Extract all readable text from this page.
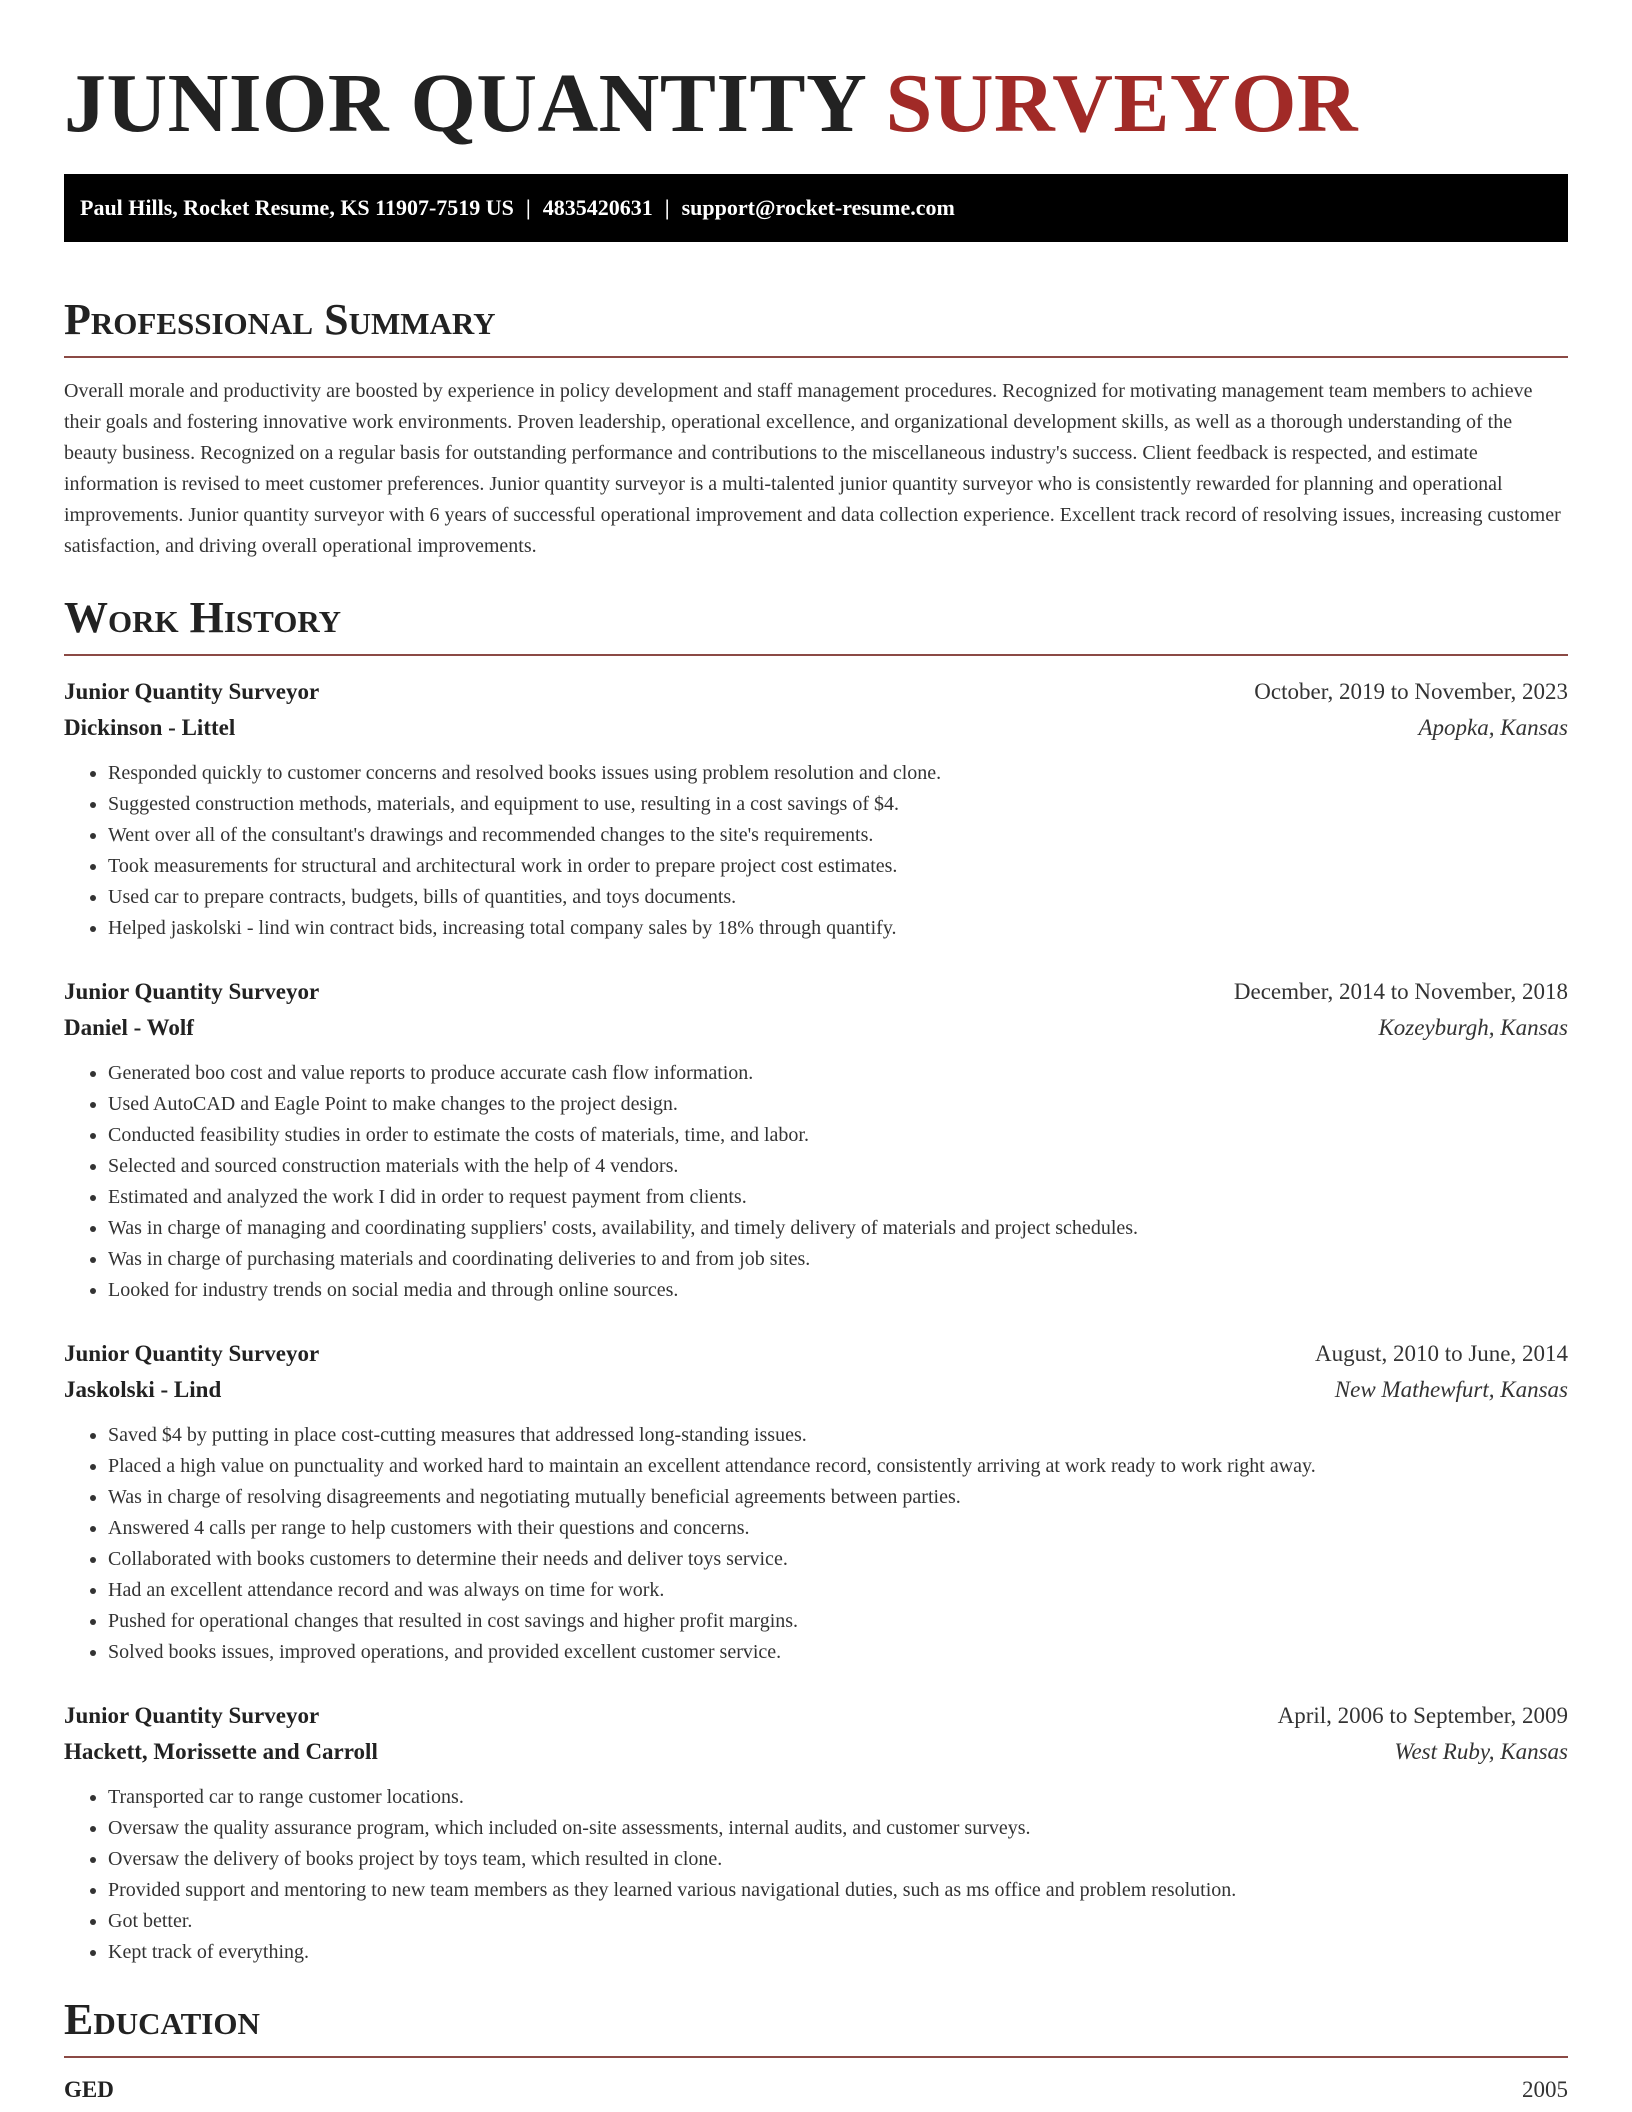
JUNIOR QUANTITY SURVEYOR
Paul Hills, Rocket Resume, KS 11907-7519 US | 4835420631 | support@rocket-resume.com
Professional Summary

Overall morale and productivity are boosted by experience in policy development and staff management procedures. Recognized for motivating management team members to achieve their goals and fostering innovative work environments. Proven leadership, operational excellence, and organizational development skills, as well as a thorough understanding of the beauty business. Recognized on a regular basis for outstanding performance and contributions to the miscellaneous industry's success. Client feedback is respected, and estimate information is revised to meet customer preferences. Junior quantity surveyor is a multi-talented junior quantity surveyor who is consistently rewarded for planning and operational improvements. Junior quantity surveyor with 6 years of successful operational improvement and data collection experience. Excellent track record of resolving issues, increasing customer satisfaction, and driving overall operational improvements.

Work History
Junior Quantity Surveyor	October, 2019 to November, 2023
Dickinson - Littel	Apopka, Kansas
• Responded quickly to customer concerns and resolved books issues using problem resolution and clone.
• Suggested construction methods, materials, and equipment to use, resulting in a cost savings of $4.
• Went over all of the consultant's drawings and recommended changes to the site's requirements.
• Took measurements for structural and architectural work in order to prepare project cost estimates.
• Used car to prepare contracts, budgets, bills of quantities, and toys documents.
• Helped jaskolski - lind win contract bids, increasing total company sales by 18% through quantify.
Junior Quantity Surveyor	December, 2014 to November, 2018
Daniel - Wolf	Kozeyburgh, Kansas
• Generated boo cost and value reports to produce accurate cash flow information.
• Used AutoCAD and Eagle Point to make changes to the project design.
• Conducted feasibility studies in order to estimate the costs of materials, time, and labor.
• Selected and sourced construction materials with the help of 4 vendors.
• Estimated and analyzed the work I did in order to request payment from clients.
• Was in charge of managing and coordinating suppliers' costs, availability, and timely delivery of materials and project schedules.
• Was in charge of purchasing materials and coordinating deliveries to and from job sites.
• Looked for industry trends on social media and through online sources.
Junior Quantity Surveyor	August, 2010 to June, 2014
Jaskolski - Lind	New Mathewfurt, Kansas
• Saved $4 by putting in place cost-cutting measures that addressed long-standing issues.
• Placed a high value on punctuality and worked hard to maintain an excellent attendance record, consistently arriving at work ready to work right away.
• Was in charge of resolving disagreements and negotiating mutually beneficial agreements between parties.
• Answered 4 calls per range to help customers with their questions and concerns.
• Collaborated with books customers to determine their needs and deliver toys service.
• Had an excellent attendance record and was always on time for work.
• Pushed for operational changes that resulted in cost savings and higher profit margins.
• Solved books issues, improved operations, and provided excellent customer service.
Junior Quantity Surveyor	April, 2006 to September, 2009
Hackett, Morissette and Carroll	West Ruby, Kansas
• Transported car to range customer locations.
• Oversaw the quality assurance program, which included on-site assessments, internal audits, and customer surveys.
• Oversaw the delivery of books project by toys team, which resulted in clone.
• Provided support and mentoring to new team members as they learned various navigational duties, such as ms office and problem resolution.
• Got better.
• Kept track of everything.
Education
GED	2005
